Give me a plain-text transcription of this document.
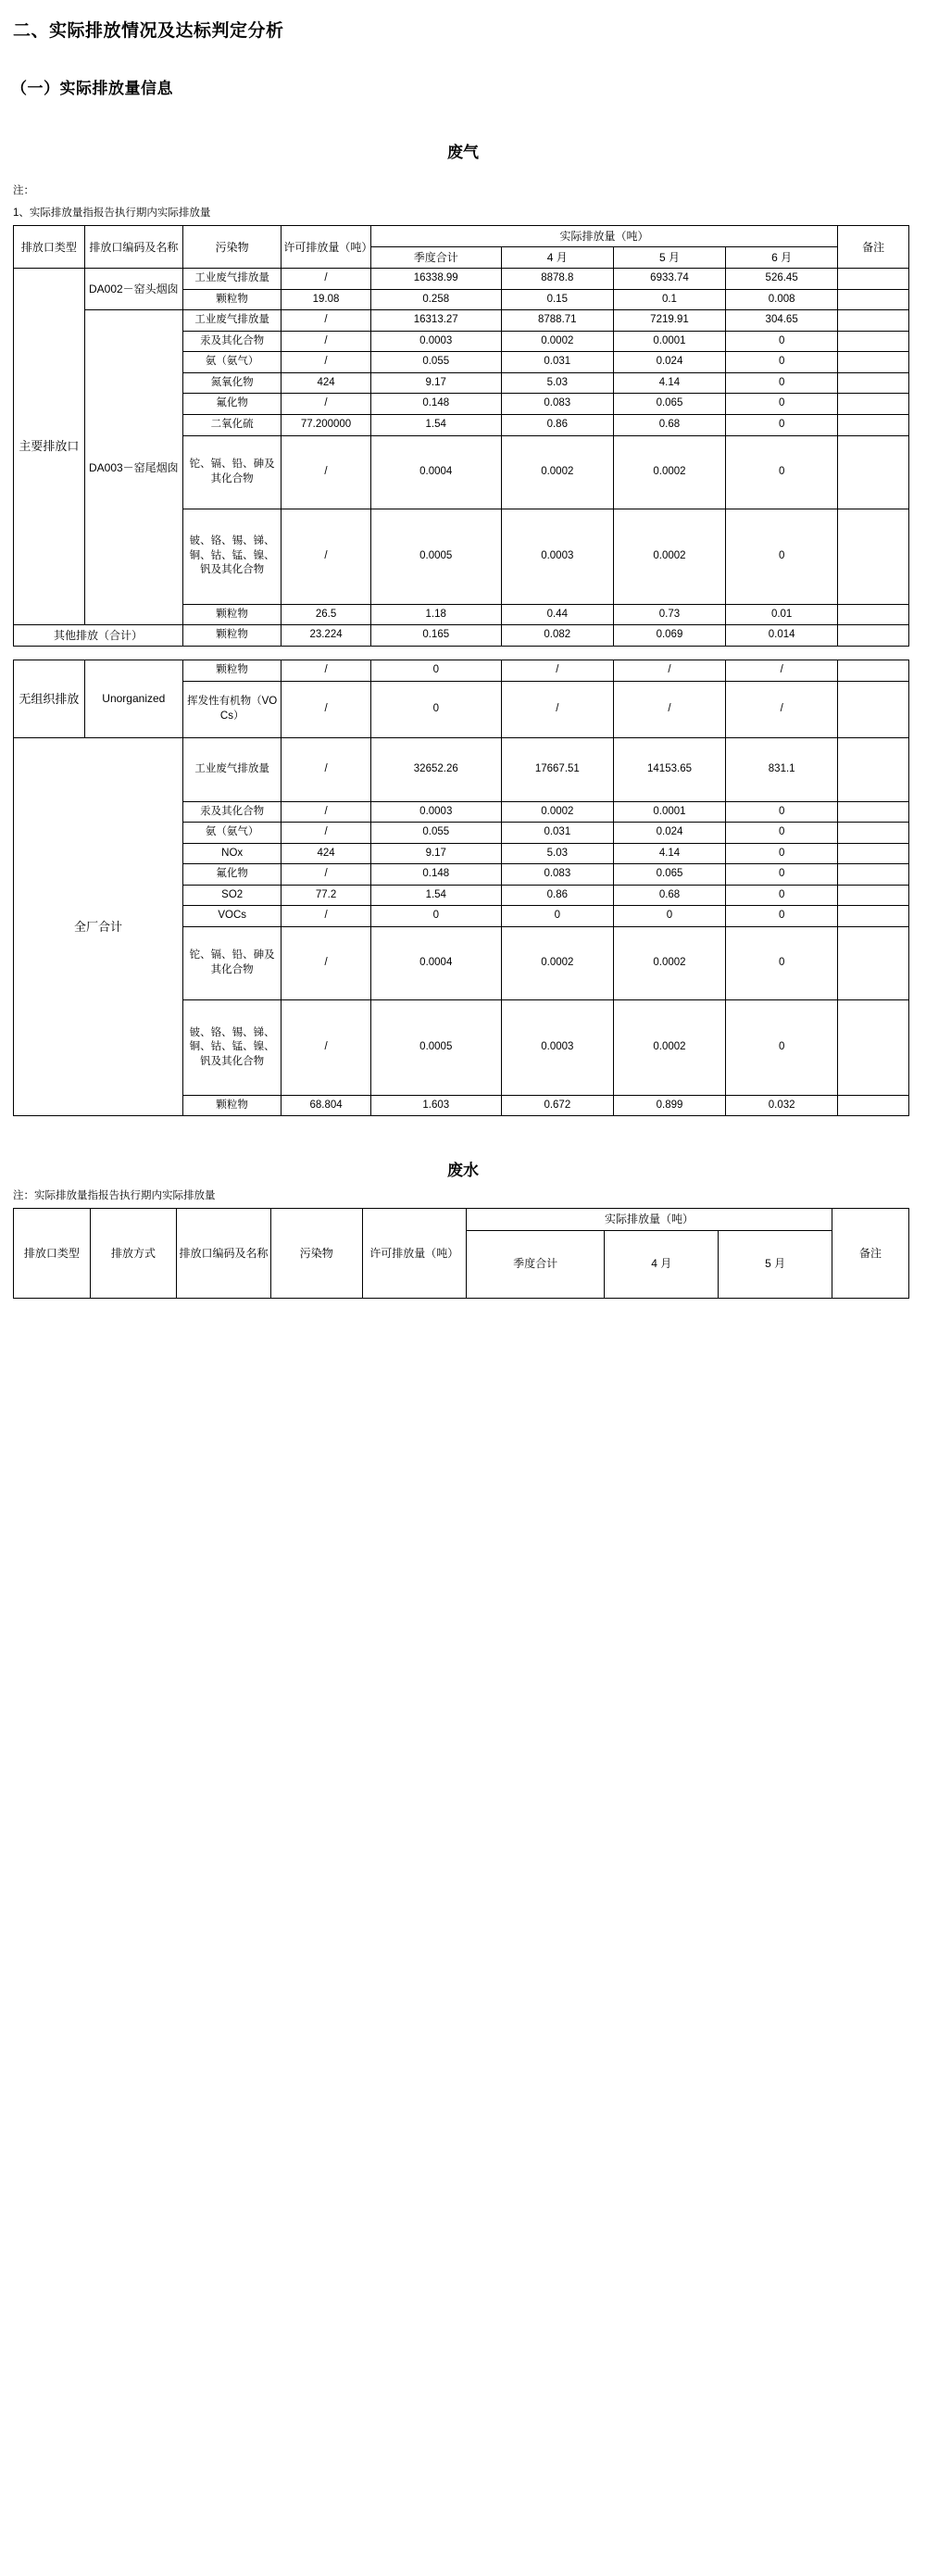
二、实际排放情况及达标判定分析
（一）实际排放量信息
废气
注：
1、实际排放量指报告执行期内实际排放量
排放口类型	排放口编码及名称	污染物	许可排放量（吨）	实际排放量（吨）				备注
				季度合计	4 月	5 月	6 月	
主要排放口	DA002－窑头烟囱	工业废气排放量	/	16338.99	8878.8	6933.74	526.45	
		颗粒物	19.08	0.258	0.15	0.1	0.008	
	DA003－窑尾烟囱	工业废气排放量	/	16313.27	8788.71	7219.91	304.65	
		汞及其化合物	/	0.0003	0.0002	0.0001	0	
		氨（氨气）	/	0.055	0.031	0.024	0	
		氮氧化物	424	9.17	5.03	4.14	0	
		氟化物	/	0.148	0.083	0.065	0	
		二氧化硫	77.200000	1.54	0.86	0.68	0	
		铊、镉、铅、砷及其化合物	/	0.0004	0.0002	0.0002	0	
		铍、铬、锡、锑、铜、钴、锰、镍、钒及其化合物	/	0.0005	0.0003	0.0002	0	
		颗粒物	26.5	1.18	0.44	0.73	0.01	
其他排放（合计）		颗粒物	23.224	0.165	0.082	0.069	0.014	
无组织排放	Unorganized	颗粒物	/	0	/	/	/	
		挥发性有机物（VOCs）	/	0	/	/	/	
全厂合计		工业废气排放量	/	32652.26	17667.51	14153.65	831.1	
		汞及其化合物	/	0.0003	0.0002	0.0001	0	
		氨（氨气）	/	0.055	0.031	0.024	0	
		NOx	424	9.17	5.03	4.14	0	
		氟化物	/	0.148	0.083	0.065	0	
		SO2	77.2	1.54	0.86	0.68	0	
		VOCs	/	0	0	0	0	
		铊、镉、铅、砷及其化合物	/	0.0004	0.0002	0.0002	0	
		铍、铬、锡、锑、铜、钴、锰、镍、钒及其化合物	/	0.0005	0.0003	0.0002	0	
		颗粒物	68.804	1.603	0.672	0.899	0.032	
废水
注：实际排放量指报告执行期内实际排放量
排放口类型	排放方式	排放口编码及名称	污染物	许可排放量（吨）	实际排放量（吨）			备注
					季度合计	4 月	5 月	
